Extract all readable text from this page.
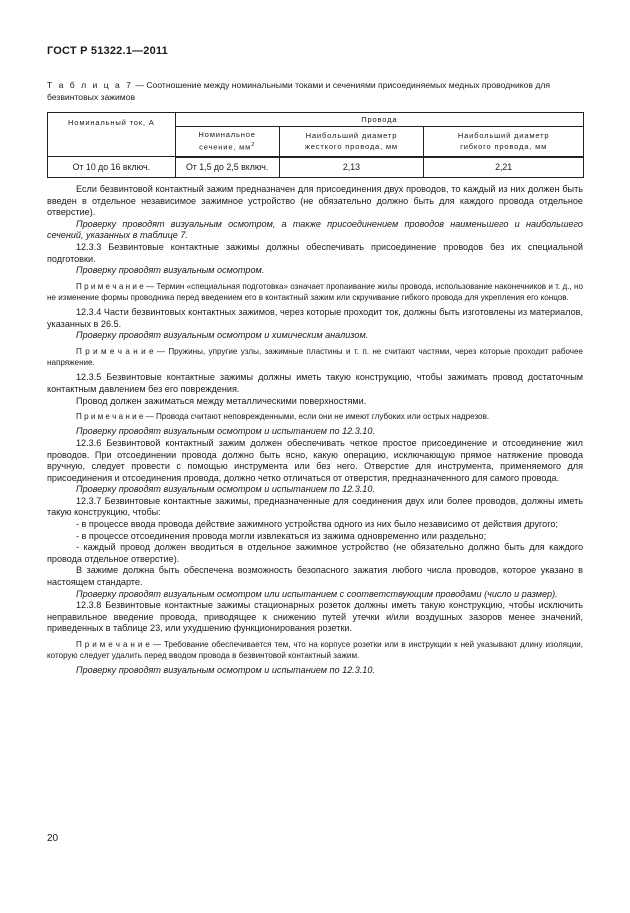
ГОСТ Р 51322.1—2011
Т а б л и ц а 7 — Соотношение между номинальными токами и сечениями присоединяемых медных проводников для безвинтовых зажимов
Номинальный ток, А	Провода		
	Номинальное сечение, $мм^2$	Наибольший диаметр жесткого провода, мм	Наибольший диаметр гибкого провода, мм
От 10 до 16 включ.	От 1,5 до 2,5 включ.	2,13	2,21

Если безвинтовой контактный зажим предназначен для присоединения двух проводов, то каждый из них должен быть введен в отдельное независимое зажимное устройство (не обязательно должно быть для каждого провода отдельное отверстие).

Проверку проводят визуальным осмотром, а также присоединением проводов наименьшего и наибольшего сечений, указанных в таблице 7.

12.3.3 Безвинтовые контактные зажимы должны обеспечивать присоединение проводов без их специальной подготовки.

Проверку проводят визуальным осмотром.

П р и м е ч а н и е — Термин «специальная подготовка» означает пропаивание жилы провода, использование наконечников и т. д., но не изменение формы проводника перед введением его в контактный зажим или скручивание гибкого провода для укрепления его концов.

12.3.4 Части безвинтовых контактных зажимов, через которые проходит ток, должны быть изготовлены из материалов, указанных в 26.5.

Проверку проводят визуальным осмотром и химическим анализом.

П р и м е ч а н и е — Пружины, упругие узлы, зажимные пластины и т. п. не считают частями, через которые проходит рабочее напряжение.

12.3.5 Безвинтовые контактные зажимы должны иметь такую конструкцию, чтобы зажимать провод достаточным контактным давлением без его повреждения.

Провод должен зажиматься между металлическими поверхностями.

П р и м е ч а н и е — Провода считают неповрежденными, если они не имеют глубоких или острых надрезов.

Проверку проводят визуальным осмотром и испытанием по 12.3.10.

12.3.6 Безвинтовой контактный зажим должен обеспечивать четкое простое присоединение и отсоединение жил проводов. При отсоединении провода должно быть ясно, какую операцию, исключающую прямое натяжение провода вручную, следует провести с помощью инструмента или без него. Отверстие для инструмента, применяемого для присоединения и отсоединения провода, должно четко отличаться от отверстия, предназначенного для самого провода.

Проверку проводят визуальным осмотром и испытанием по 12.3.10.

12.3.7 Безвинтовые контактные зажимы, предназначенные для соединения двух или более проводов, должны иметь такую конструкцию, чтобы:

- в процессе ввода провода действие зажимного устройства одного из них было независимо от действия другого;

- в процессе отсоединения провода могли извлекаться из зажима одновременно или раздельно;

- каждый провод должен вводиться в отдельное зажимное устройство (не обязательно должно быть для каждого провода отдельное отверстие).

В зажиме должна быть обеспечена возможность безопасного зажатия любого числа проводов, которое указано в настоящем стандарте.

Проверку проводят визуальным осмотром или испытанием с соответствующим проводами (число и размер).

12.3.8 Безвинтовые контактные зажимы стационарных розеток должны иметь такую конструкцию, чтобы исключить неправильное введение провода, приводящее к снижению путей утечки и/или воздушных зазоров менее значений, приведенных в таблице 23, или ухудшению функционирования розетки.

П р и м е ч а н и е — Требование обеспечивается тем, что на корпусе розетки или в инструкции к ней указывают длину изоляции, которую следует удалить перед вводом провода в безвинтовой контактный зажим.

Проверку проводят визуальным осмотром и испытанием по 12.3.10.

20
